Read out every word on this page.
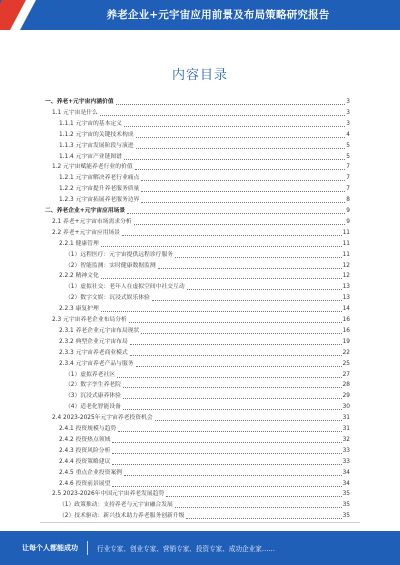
养老企业+元宇宙应用前景及布局策略研究报告
内容目录
一、养老+元宇宙内涵价值	3
1.1 元宇宙是什么	3
1.1.1 元宇宙的基本定义	3
1.1.2 元宇宙的关键技术构成	4
1.1.3 元宇宙发展阶段与演进	5
1.1.4 元宇宙产业链图谱	5
1.2 元宇宙赋能养老行业的价值	7
1.2.1 元宇宙解决养老行业痛点	7
1.2.2 元宇宙提升养老服务质量	7
1.2.3 元宇宙拓展养老服务边界	8
二、养老企业+元宇宙应用场景	9
2.1 养老+元宇宙市场需求分析	9
2.2 养老+元宇宙应用场景	11
2.2.1 健康管理	11
（1）远程医疗：元宇宙提供远程诊疗服务	11
（2）智能监测：实时健康数据监测	12
2.2.2 精神文化	12
（1）虚拟社交：老年人在虚拟空间中社交互动	13
（2）数字文娱：沉浸式娱乐体验	13
2.2.3 康复护理	14
2.3 元宇宙养老企业布局分析	16
2.3.1 养老企业元宇宙布局现状	16
2.3.2 典型企业元宇宙布局	19
2.3.3 元宇宙养老商业模式	22
2.3.4 元宇宙养老产品与服务	25
（1）虚拟养老社区	27
（2）数字孪生养老院	28
（3）沉浸式康养体验	29
（4）适老化智能设备	30
2.4 2023-2025年元宇宙养老投资机会	31
2.4.1 投资规模与趋势	31
2.4.2 投资热点领域	32
2.4.3 投资风险分析	33
2.4.4 投资策略建议	33
2.4.5 重点企业投资案例	34
2.4.6 投资前景展望	34
2.5 2023-2026年中国元宇宙养老发展趋势	35
（1）政策推动：支持养老与元宇宙融合发展	35
（2）技术驱动：新兴技术助力养老服务创新升级	35
让每个人都能成功	行业专家、创业专家、营销专家、投资专家、成功企业家……
